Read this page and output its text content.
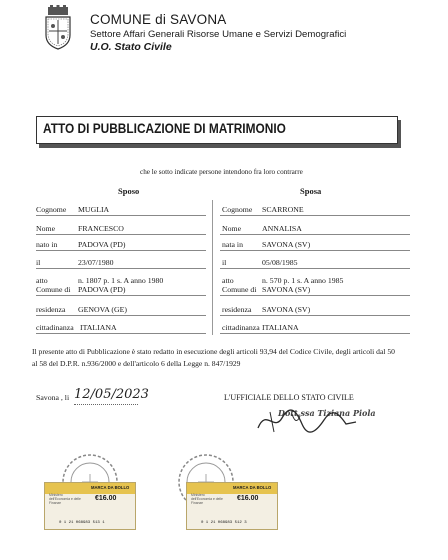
COMUNE di SAVONA
Settore Affari Generali Risorse Umane e Servizi Demografici
U.O. Stato Civile
ATTO DI PUBBLICAZIONE DI MATRIMONIO
che le sotto indicate persone intendono fra loro contrarre
Sposo	Sposa
Cognome MUGLIA
Nome	FRANCESCO
nato in	PADOVA (PD)
il	23/07/1980
atto	n. 1807 p. 1 s. A anno 1980
Comune di PADOVA (PD)
residenza GENOVA (GE)
cittadinanza ITALIANA
Cognome SCARRONE
Nome	ANNALISA
nata in SAVONA (SV)
il	05/08/1985
atto	n. 570 p. 1 s. A anno 1985
Comune di SAVONA (SV)
residenza SAVONA (SV)
cittadinanza ITALIANA
Il presente atto di Pubblicazione è stato redatto in esecuzione degli articoli 93,94 del Codice Civile, degli articoli dal 50
al 58 del D.P.R. n.936/2000 e dell'articolo 6 della Legge n. 847/1929
Savona , li 12/05/2023	L'UFFICIALE DELLO STATO CIVILE
Dott.ssa Tiziana Piola
MARCA DA BOLLO
Ministero dell'Economia e delle Finanze
€16.00
0 1 21 068983 513 1
MARCA DA BOLLO
Ministero dell'Economia e delle Finanze
€16.00
0 1 21 068983 512 3
